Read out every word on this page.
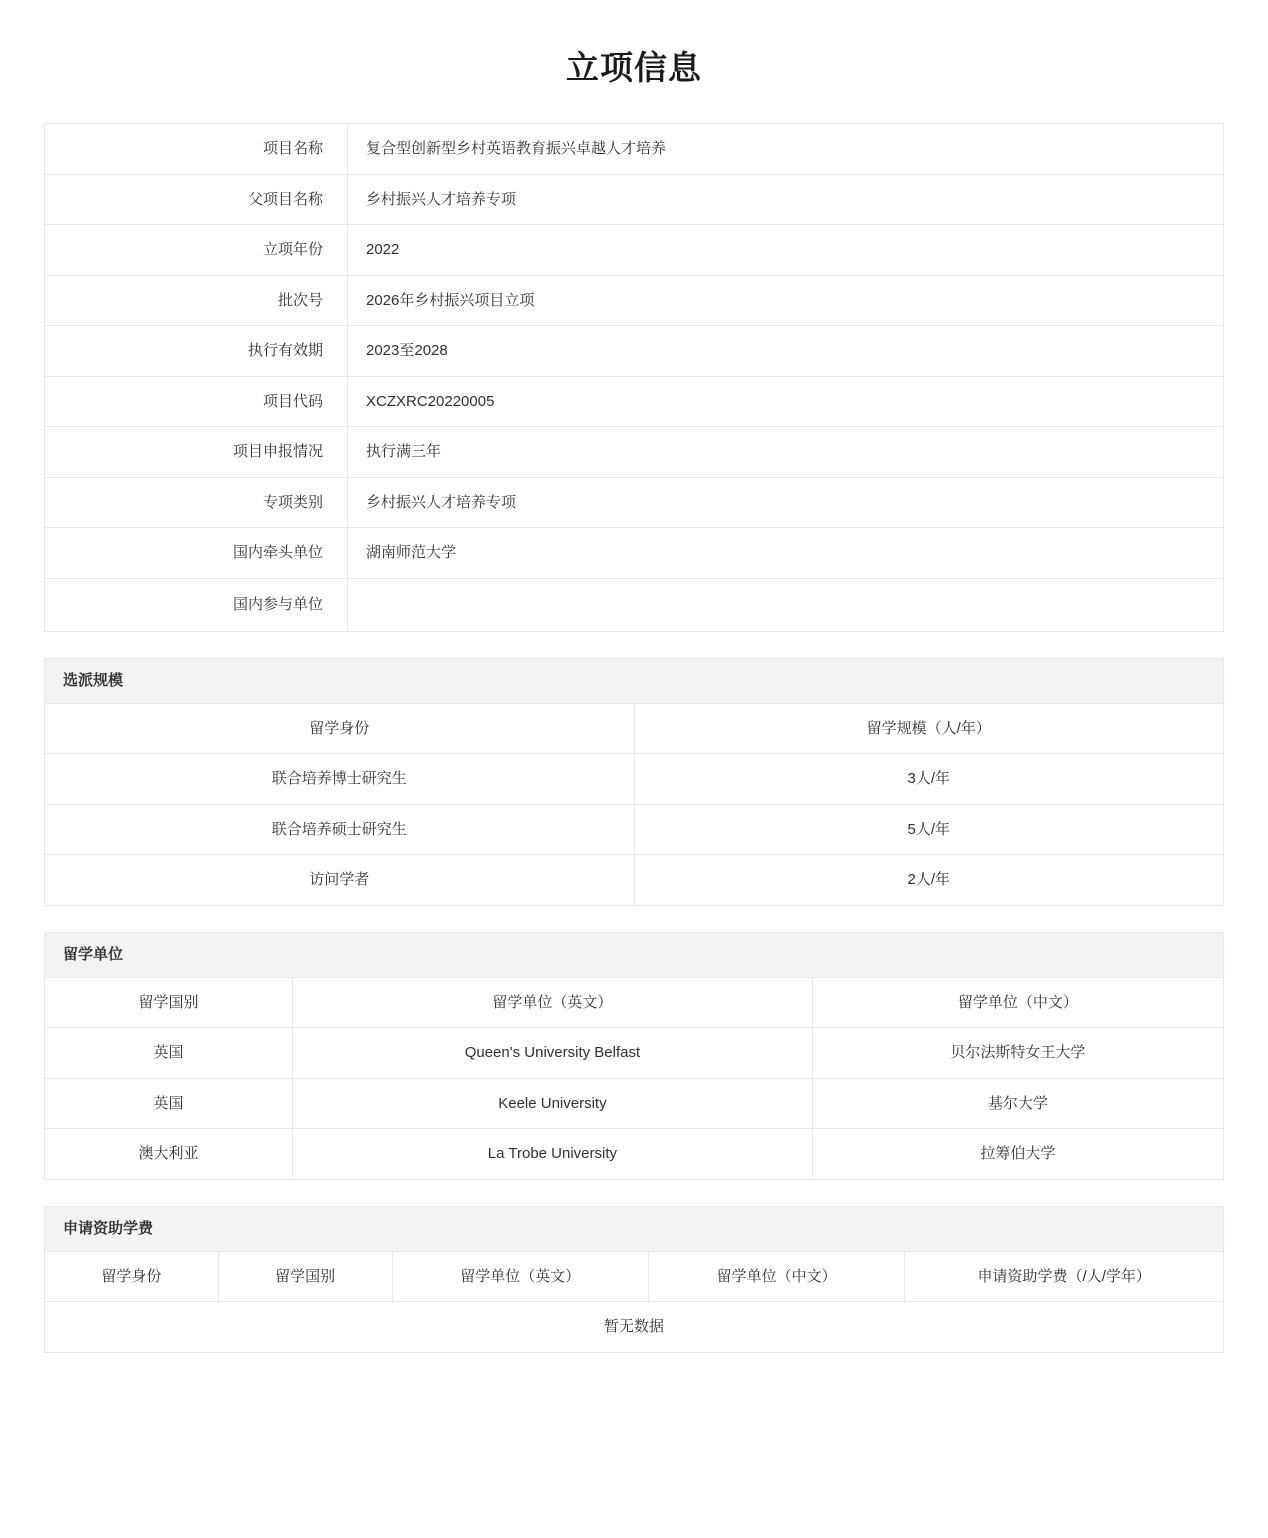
立项信息
项目名称	复合型创新型乡村英语教育振兴卓越人才培养
父项目名称	乡村振兴人才培养专项
立项年份	2022
批次号	2026年乡村振兴项目立项
执行有效期	2023至2028
项目代码	XCZXRC20220005
项目申报情况	执行满三年
专项类别	乡村振兴人才培养专项
国内牵头单位	湖南师范大学
国内参与单位	
选派规模
留学身份	留学规模（人/年）
联合培养博士研究生	3人/年
联合培养硕士研究生	5人/年
访问学者	2人/年
留学单位
留学国别	留学单位（英文）	留学单位（中文）
英国	Queen's University Belfast	贝尔法斯特女王大学
英国	Keele University	基尔大学
澳大利亚	La Trobe University	拉筹伯大学
申请资助学费
留学身份	留学国别	留学单位（英文）	留学单位（中文）	申请资助学费（/人/学年）
暂无数据
